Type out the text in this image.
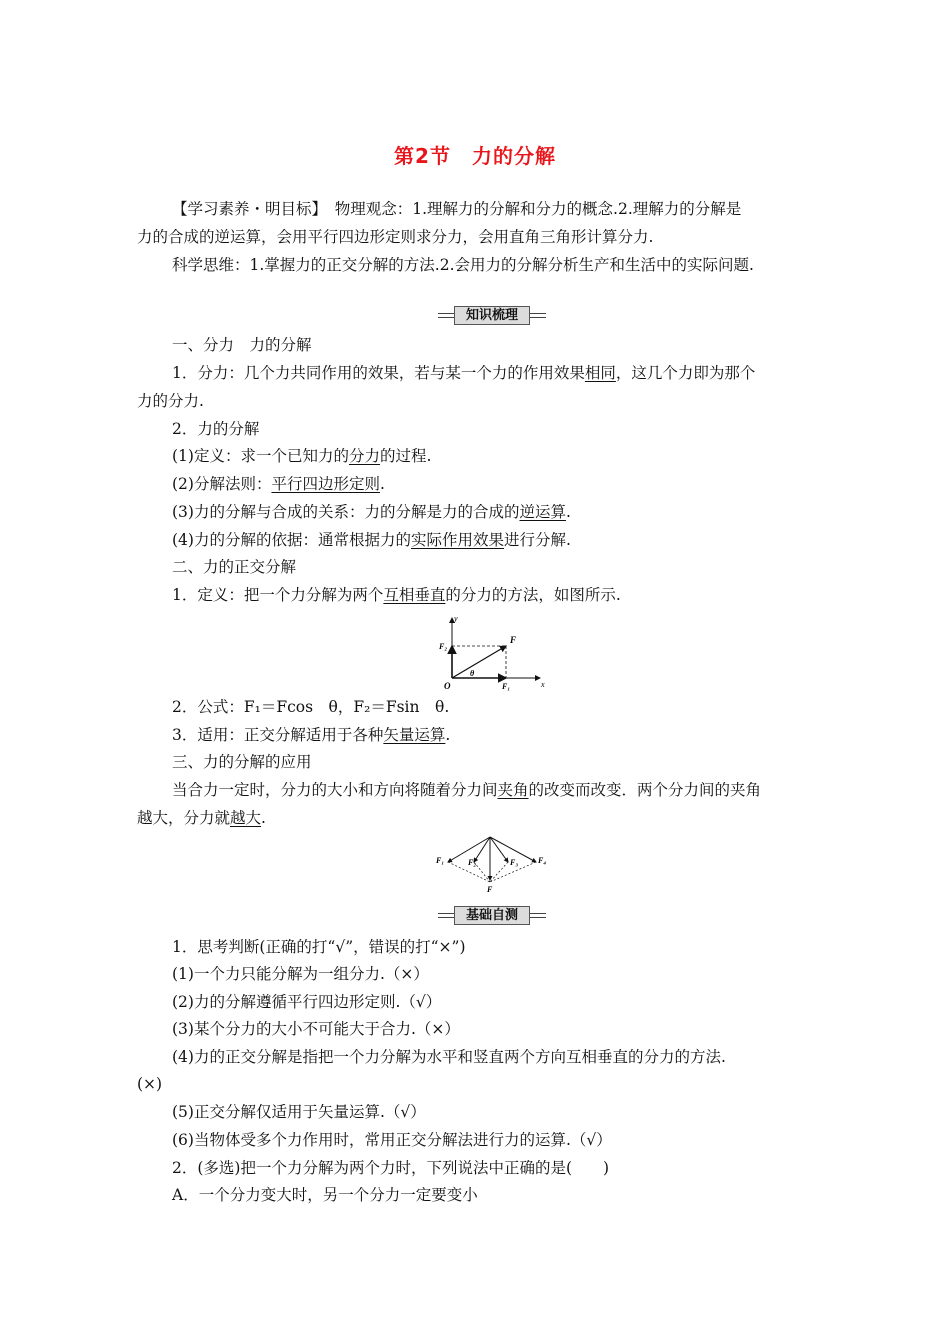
第2节　力的分解
【学习素养・明目标】　物理观念：1.理解力的分解和分力的概念.2.理解力的分解是
力的合成的逆运算，会用平行四边形定则求分力，会用直角三角形计算分力.
科学思维：1.掌握力的正交分解的方法.2.会用力的分解分析生产和生活中的实际问题.
知识梳理
一、分力　力的分解
1．分力：几个力共同作用的效果，若与某一个力的作用效果相同，这几个力即为那个
力的分力.
2．力的分解
(1)定义：求一个已知力的分力的过程.
(2)分解法则：平行四边形定则.
(3)力的分解与合成的关系：力的分解是力的合成的逆运算.
(4)力的分解的依据：通常根据力的实际作用效果进行分解.
二、力的正交分解
1．定义：把一个力分解为两个互相垂直的分力的方法，如图所示.
y
x
O
F
F₁
F₂
θ
2．公式：F₁＝Fcos　θ，F₂＝Fsin　θ.
3．适用：正交分解适用于各种矢量运算.
三、力的分解的应用
当合力一定时，分力的大小和方向将随着分力间夹角的改变而改变．两个分力间的夹角
越大，分力就越大.
F₁	F₂	F₃ F₄
F
基础自测
1．思考判断(正确的打“√”，错误的打“×”)
(1)一个力只能分解为一组分力.（×）
(2)力的分解遵循平行四边形定则.（√）
(3)某个分力的大小不可能大于合力.（×）
(4)力的正交分解是指把一个力分解为水平和竖直两个方向互相垂直的分力的方法.
(×)
(5)正交分解仅适用于矢量运算.（√）
(6)当物体受多个力作用时，常用正交分解法进行力的运算.（√）
2．(多选)把一个力分解为两个力时，下列说法中正确的是(　　)
A．一个分力变大时，另一个分力一定要变小
